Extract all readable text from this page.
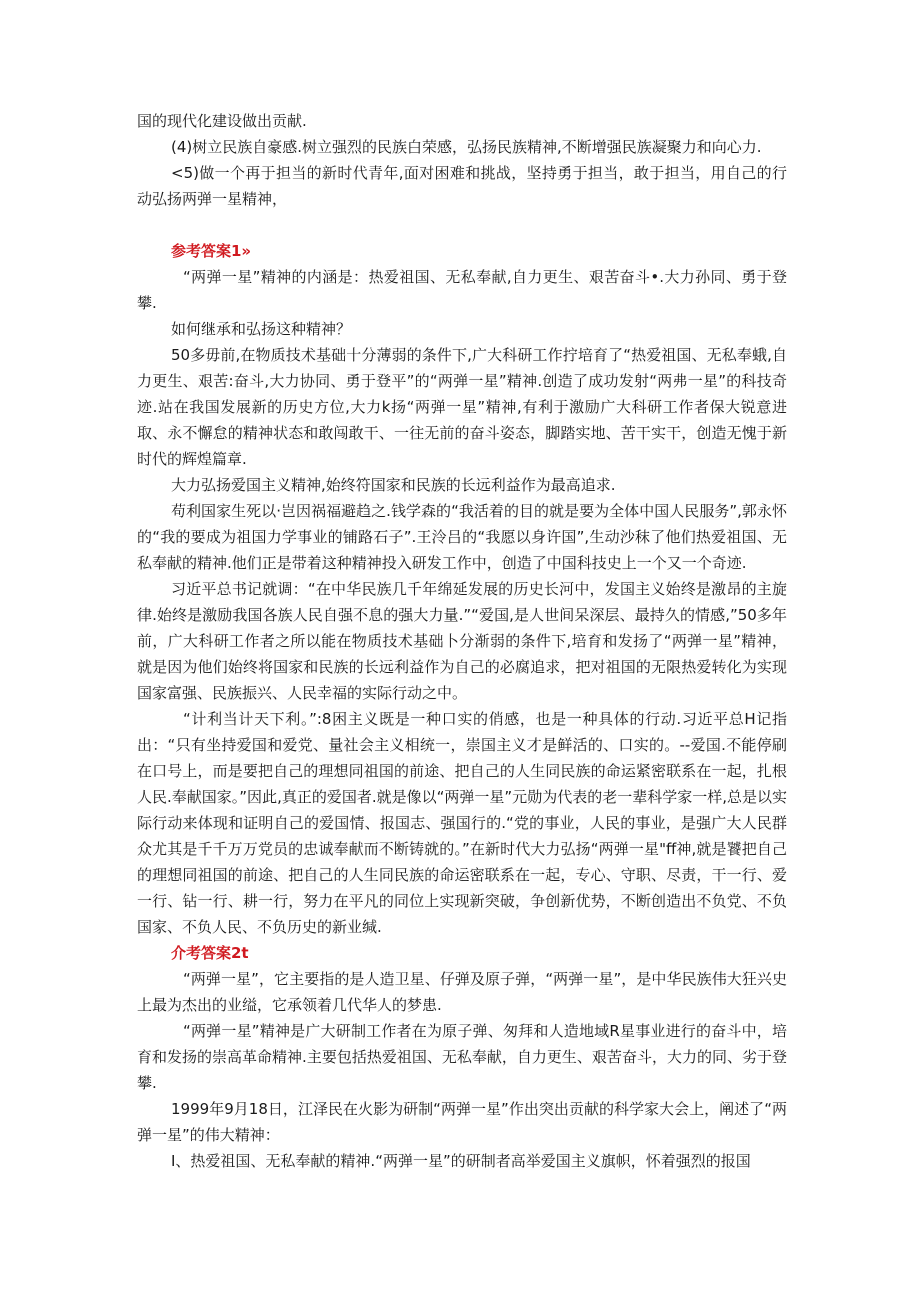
国的现代化建设做出贡献.

(4)树立民族自豪感.树立强烈的民族白荣感，弘扬民族精神,不断增强民族凝聚力和向心力.

<5)做一个再于担当的新时代青年,面对困难和挑战，坚持勇于担当，敢于担当，用自己的行动弘扬两弹一星精神，

参考答案1»

“两弹一星”精神的内涵是：热爱祖国、无私奉献,自力更生、艰苦奋斗•.大力孙同、勇于登攀.

如何继承和弘扬这种精神？

50多毋前,在物质技术基础十分薄弱的条件下,广大科研工作拧培育了“热爱祖国、无私奉蛾,自力更生、艰苦:奋斗,大力协同、勇于登平”的“两弹一星”精神.创造了成功发射“两弗一星”的科技奇迹.站在我国发展新的历史方位,大力k扬“两弹一星”精神,有利于激励广大科研工作者保大锐意进取、永不懈怠的精神状态和敢闯敢干、一往无前的奋斗姿态，脚踏实地、苦干实干，创造无愧于新时代的辉煌篇章.

大力弘扬爱国主义精神,始终符国家和民族的长远利益作为最高追求.

苟利国家生死以·岂因祸福避趋之.钱学森的“我活着的目的就是要为全体中国人民服务”,郭永怀的“我的要成为祖国力学事业的铺路石子”.王泠吕的“我愿以身许国”,生动沙秣了他们热爱祖国、无私奉献的精神.他们正是带着这种精神投入研发工作中，创造了中国科技史上一个又一个奇迹.

习近平总书记就调：“在中华民族几千年绵延发展的历史长河中，发国主义始终是激昂的主旋律.始终是激励我国各族人民自强不息的强大力量.”“爱国,是人世间呆深层、最持久的情感,”50多年前，广大科研工作者之所以能在物质技术基础卜分渐弱的条件下,培育和发扬了“两弹一星”精神，就是因为他们始终将国家和民族的长远利益作为自己的必腐追求，把对祖国的无限热爱转化为实现国家富强、民族振兴、人民幸福的实际行动之中。

“计利当计天下利。”:8困主义既是一种口实的俏感，也是一种具体的行动.习近平总H记指出：“只有坐持爱国和爱党、量社会主义相统一，崇国主义才是鲜活的、口实的。--爱国.不能停刷在口号上，而是要把自己的理想同祖国的前途、把自己的人生同民族的命运紧密联系在一起，扎根人民.奉献国家。”因此,真正的爱国者.就是像以“两弹一星”元勋为代表的老一辈科学家一样,总是以实际行动来体现和证明自己的爱国情、报国志、强国行的.“党的事业，人民的事业，是强广大人民群众尤其是千千万万党员的忠诚奉献而不断铸就的。”在新时代大力弘扬“两弹一星"ff神,就是饕把自己的理想同祖国的前途、把自己的人生同民族的命运密联系在一起，专心、守职、尽责，干一行、爱一行、钻一行、耕一行，努力在平凡的同位上实现新突破，争创新优势，不断创造出不负党、不负国家、不负人民、不负历史的新业缄.

介考答案2t

“两弹一星”，它主要指的是人造卫星、仔弹及原子弹，“两弹一星”，是中华民族伟大狂兴史上最为杰出的业缢，它承领着几代华人的梦患.

“两弹一星”精神是广大研制工作者在为原子弹、匆拜和人造地域R星事业进行的奋斗中，培育和发扬的崇高革命精神.主要包括热爱祖国、无私奉献，自力更生、艰苦奋斗，大力的同、劣于登攀.

1999年9月18日，江泽民在火影为研制“两弹一星”作出突出贡献的科学家大会上，阐述了“两弹一星”的伟大精神：

I、热爱祖国、无私奉献的精神.“两弹一星”的研制者高举爱国主义旗帜，怀着强烈的报国
